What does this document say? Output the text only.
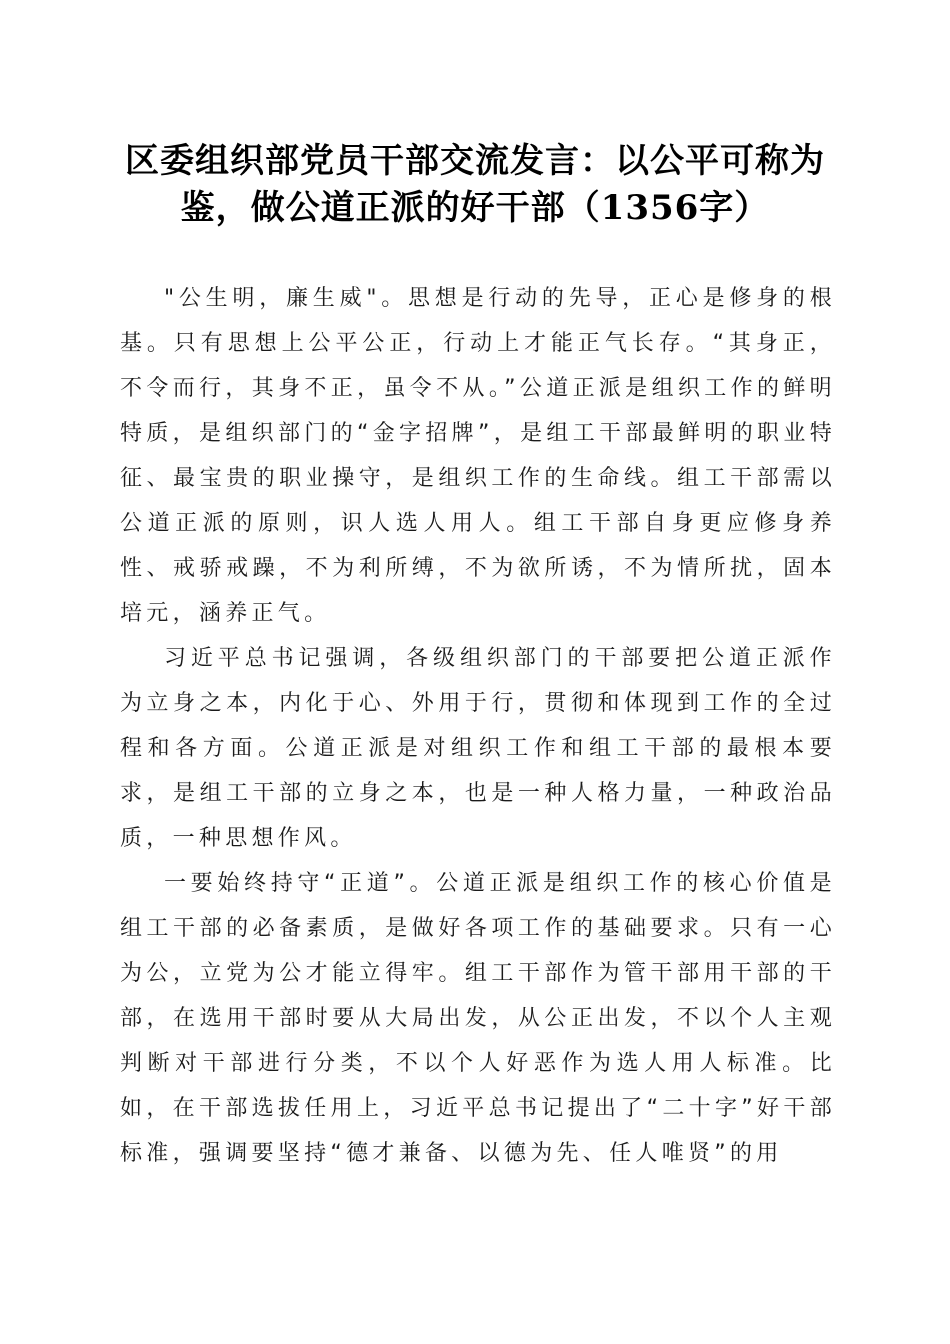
区委组织部党员干部交流发言：以公平可称为
鉴，做公道正派的好干部（1356字）

"公生明，廉生威"。思想是行动的先导，正心是修身的根基。只有思想上公平公正，行动上才能正气长存。“其身正，不令而行，其身不正，虽令不从。”公道正派是组织工作的鲜明特质，是组织部门的“金字招牌”，是组工干部最鲜明的职业特征、最宝贵的职业操守，是组织工作的生命线。组工干部需以公道正派的原则，识人选人用人。组工干部自身更应修身养性、戒骄戒躁，不为利所缚，不为欲所诱，不为情所扰，固本培元，涵养正气。

习近平总书记强调，各级组织部门的干部要把公道正派作为立身之本，内化于心、外用于行，贯彻和体现到工作的全过程和各方面。公道正派是对组织工作和组工干部的最根本要求，是组工干部的立身之本，也是一种人格力量，一种政治品质，一种思想作风。

一要始终持守“正道”。公道正派是组织工作的核心价值是组工干部的必备素质，是做好各项工作的基础要求。只有一心为公，立党为公才能立得牢。组工干部作为管干部用干部的干部，在选用干部时要从大局出发，从公正出发，不以个人主观判断对干部进行分类，不以个人好恶作为选人用人标准。比如，在干部选拔任用上，习近平总书记提出了“二十字”好干部标准，强调要坚持“德才兼备、以德为先、任人唯贤”的用
